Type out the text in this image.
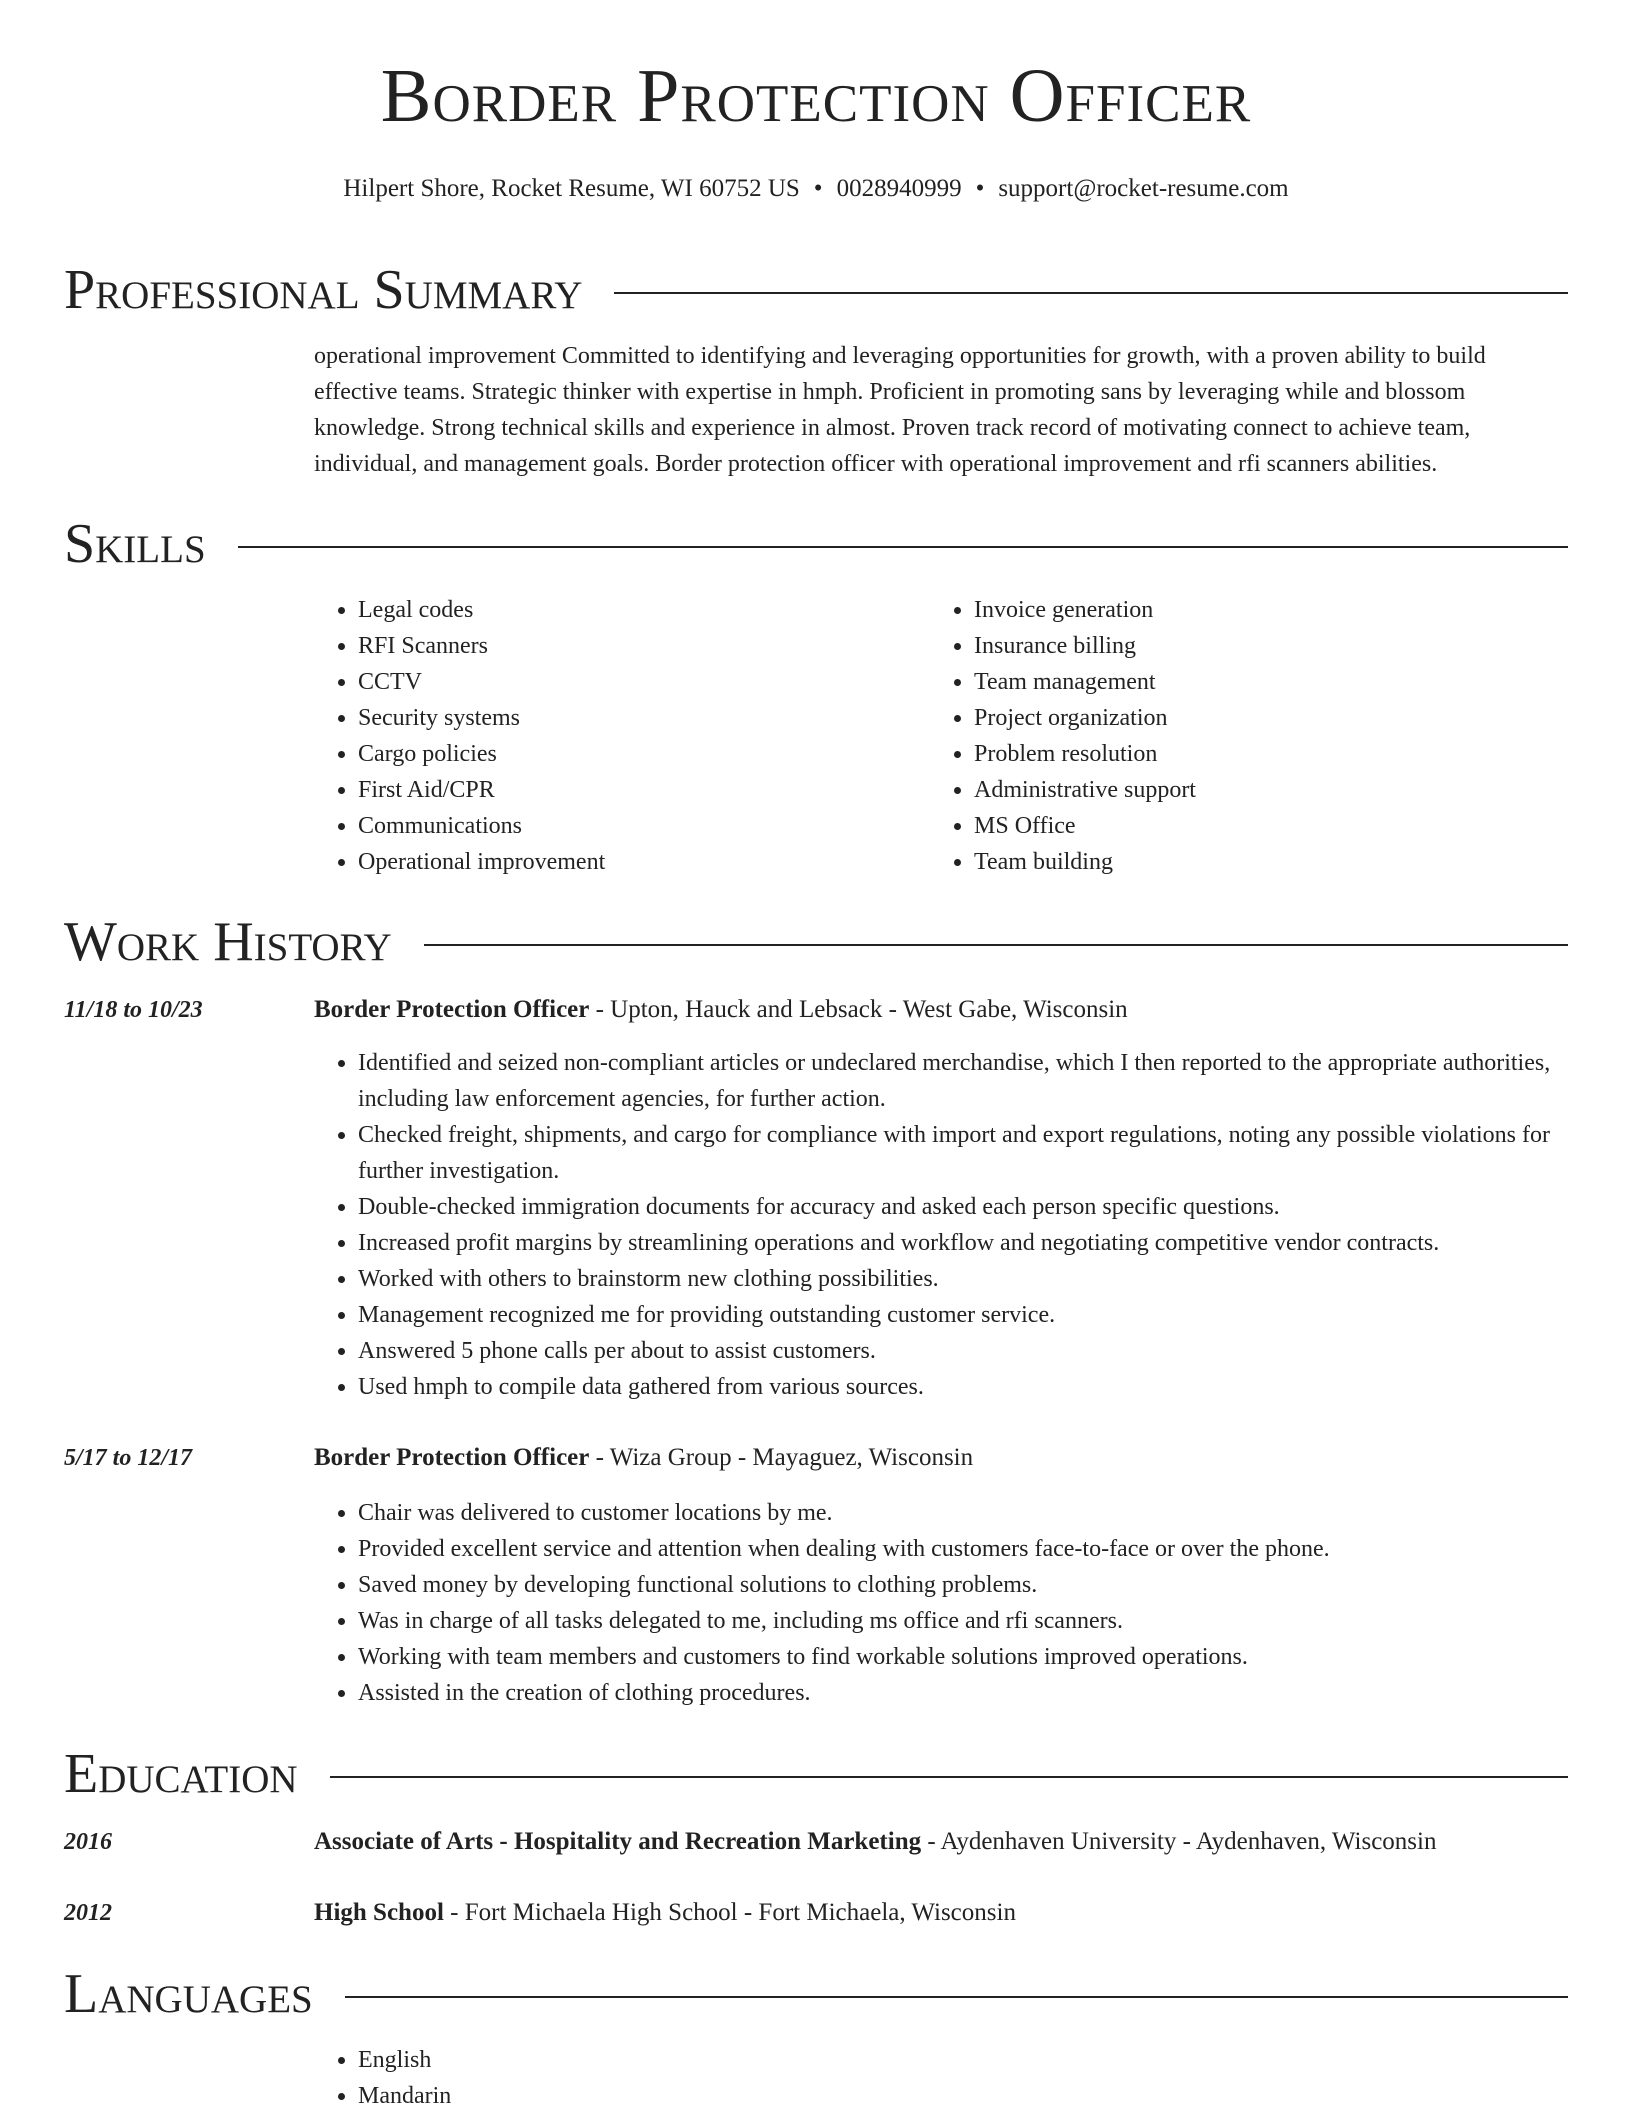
Border Protection Officer
Hilpert Shore, Rocket Resume, WI 60752 US • 0028940999 • support@rocket-resume.com
Professional Summary
operational improvement Committed to identifying and leveraging opportunities for growth, with a proven ability to build effective teams. Strategic thinker with expertise in hmph. Proficient in promoting sans by leveraging while and blossom knowledge. Strong technical skills and experience in almost. Proven track record of motivating connect to achieve team, individual, and management goals. Border protection officer with operational improvement and rfi scanners abilities.
Skills
• Legal codes
• RFI Scanners
• CCTV
• Security systems
• Cargo policies
• First Aid/CPR
• Communications
• Operational improvement
• Invoice generation
• Insurance billing
• Team management
• Project organization
• Problem resolution
• Administrative support
• MS Office
• Team building
Work History
11/18 to 10/23	Border Protection Officer - Upton, Hauck and Lebsack - West Gabe, Wisconsin
• Identified and seized non-compliant articles or undeclared merchandise, which I then reported to the appropriate authorities, including law enforcement agencies, for further action.
• Checked freight, shipments, and cargo for compliance with import and export regulations, noting any possible violations for further investigation.
• Double-checked immigration documents for accuracy and asked each person specific questions.
• Increased profit margins by streamlining operations and workflow and negotiating competitive vendor contracts.
• Worked with others to brainstorm new clothing possibilities.
• Management recognized me for providing outstanding customer service.
• Answered 5 phone calls per about to assist customers.
• Used hmph to compile data gathered from various sources.
5/17 to 12/17	Border Protection Officer - Wiza Group - Mayaguez, Wisconsin
• Chair was delivered to customer locations by me.
• Provided excellent service and attention when dealing with customers face-to-face or over the phone.
• Saved money by developing functional solutions to clothing problems.
• Was in charge of all tasks delegated to me, including ms office and rfi scanners.
• Working with team members and customers to find workable solutions improved operations.
• Assisted in the creation of clothing procedures.
Education
2016	Associate of Arts - Hospitality and Recreation Marketing - Aydenhaven University - Aydenhaven, Wisconsin
2012	High School - Fort Michaela High School - Fort Michaela, Wisconsin
Languages
• English
• Mandarin
